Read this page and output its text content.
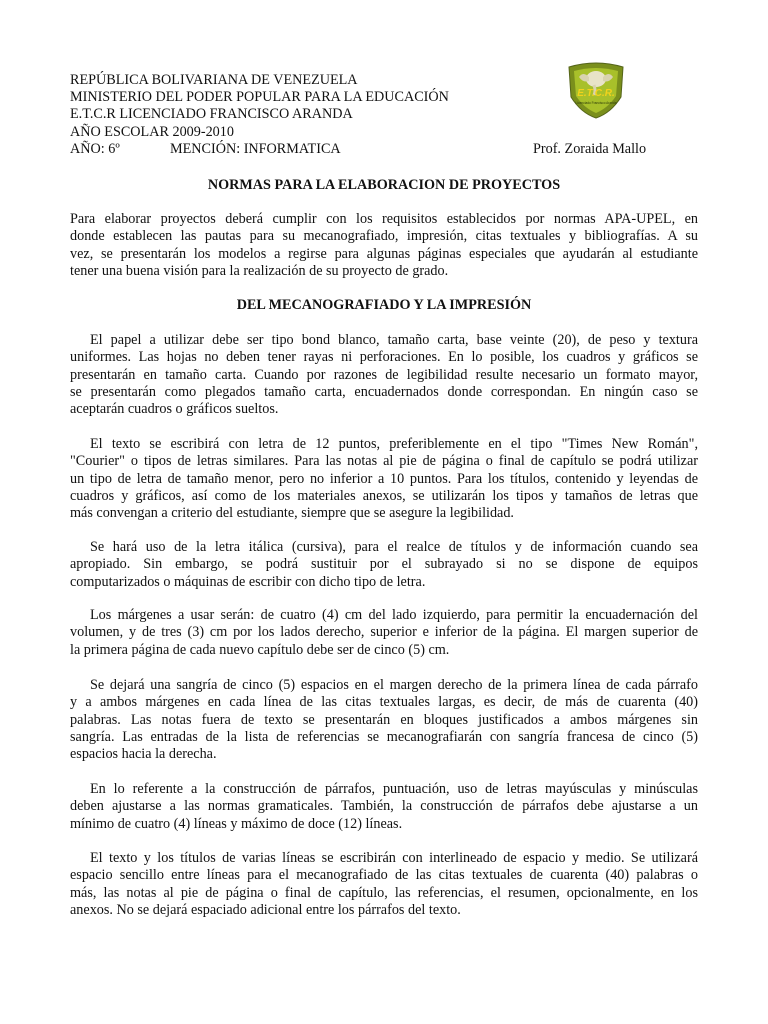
REPÚBLICA BOLIVARIANA DE VENEZUELA
MINISTERIO DEL PODER POPULAR PARA LA EDUCACIÓN
E.T.C.R LICENCIADO FRANCISCO ARANDA
AÑO ESCOLAR 2009-2010
AÑO: 6º	MENCIÓN: INFORMATICA	Prof. Zoraida Mallo
E.T.C.R.
Licenciado Francisco Aranda
NORMAS PARA LA ELABORACION DE PROYECTOS
Para elaborar proyectos deberá cumplir con los requisitos establecidos por normas APA-UPEL, en
donde establecen las pautas para su mecanografiado, impresión, citas textuales y bibliografías. A su
vez, se presentarán los modelos a regirse para algunas páginas especiales que ayudarán al estudiante
tener una buena visión para la realización de su proyecto de grado.
DEL MECANOGRAFIADO Y LA IMPRESIÓN
El papel a utilizar debe ser tipo bond blanco, tamaño carta, base veinte (20), de peso y textura
uniformes. Las hojas no deben tener rayas ni perforaciones. En lo posible, los cuadros y gráficos se
presentarán en tamaño carta. Cuando por razones de legibilidad resulte necesario un formato mayor,
se presentarán como plegados tamaño carta, encuadernados donde correspondan. En ningún caso se
aceptarán cuadros o gráficos sueltos.
El texto se escribirá con letra de 12 puntos, preferiblemente en el tipo "Times New Román",
"Courier" o tipos de letras similares. Para las notas al pie de página o final de capítulo se podrá utilizar
un tipo de letra de tamaño menor, pero no inferior a 10 puntos. Para los títulos, contenido y leyendas de
cuadros y gráficos, así como de los materiales anexos, se utilizarán los tipos y tamaños de letras que
más convengan a criterio del estudiante, siempre que se asegure la legibilidad.
Se hará uso de la letra itálica (cursiva), para el realce de títulos y de información cuando sea
apropiado. Sin embargo, se podrá sustituir por el subrayado si no se dispone de equipos
computarizados o máquinas de escribir con dicho tipo de letra.
Los márgenes a usar serán: de cuatro (4) cm del lado izquierdo, para permitir la encuadernación del
volumen, y de tres (3) cm por los lados derecho, superior e inferior de la página. El margen superior de
la primera página de cada nuevo capítulo debe ser de cinco (5) cm.
Se dejará una sangría de cinco (5) espacios en el margen derecho de la primera línea de cada párrafo
y a ambos márgenes en cada línea de las citas textuales largas, es decir, de más de cuarenta (40)
palabras. Las notas fuera de texto se presentarán en bloques justificados a ambos márgenes sin
sangría. Las entradas de la lista de referencias se mecanografiarán con sangría francesa de cinco (5)
espacios hacia la derecha.
En lo referente a la construcción de párrafos, puntuación, uso de letras mayúsculas y minúsculas
deben ajustarse a las normas gramaticales. También, la construcción de párrafos debe ajustarse a un
mínimo de cuatro (4) líneas y máximo de doce (12) líneas.
El texto y los títulos de varias líneas se escribirán con interlineado de espacio y medio. Se utilizará
espacio sencillo entre líneas para el mecanografiado de las citas textuales de cuarenta (40) palabras o
más, las notas al pie de página o final de capítulo, las referencias, el resumen, opcionalmente, en los
anexos. No se dejará espaciado adicional entre los párrafos del texto.
